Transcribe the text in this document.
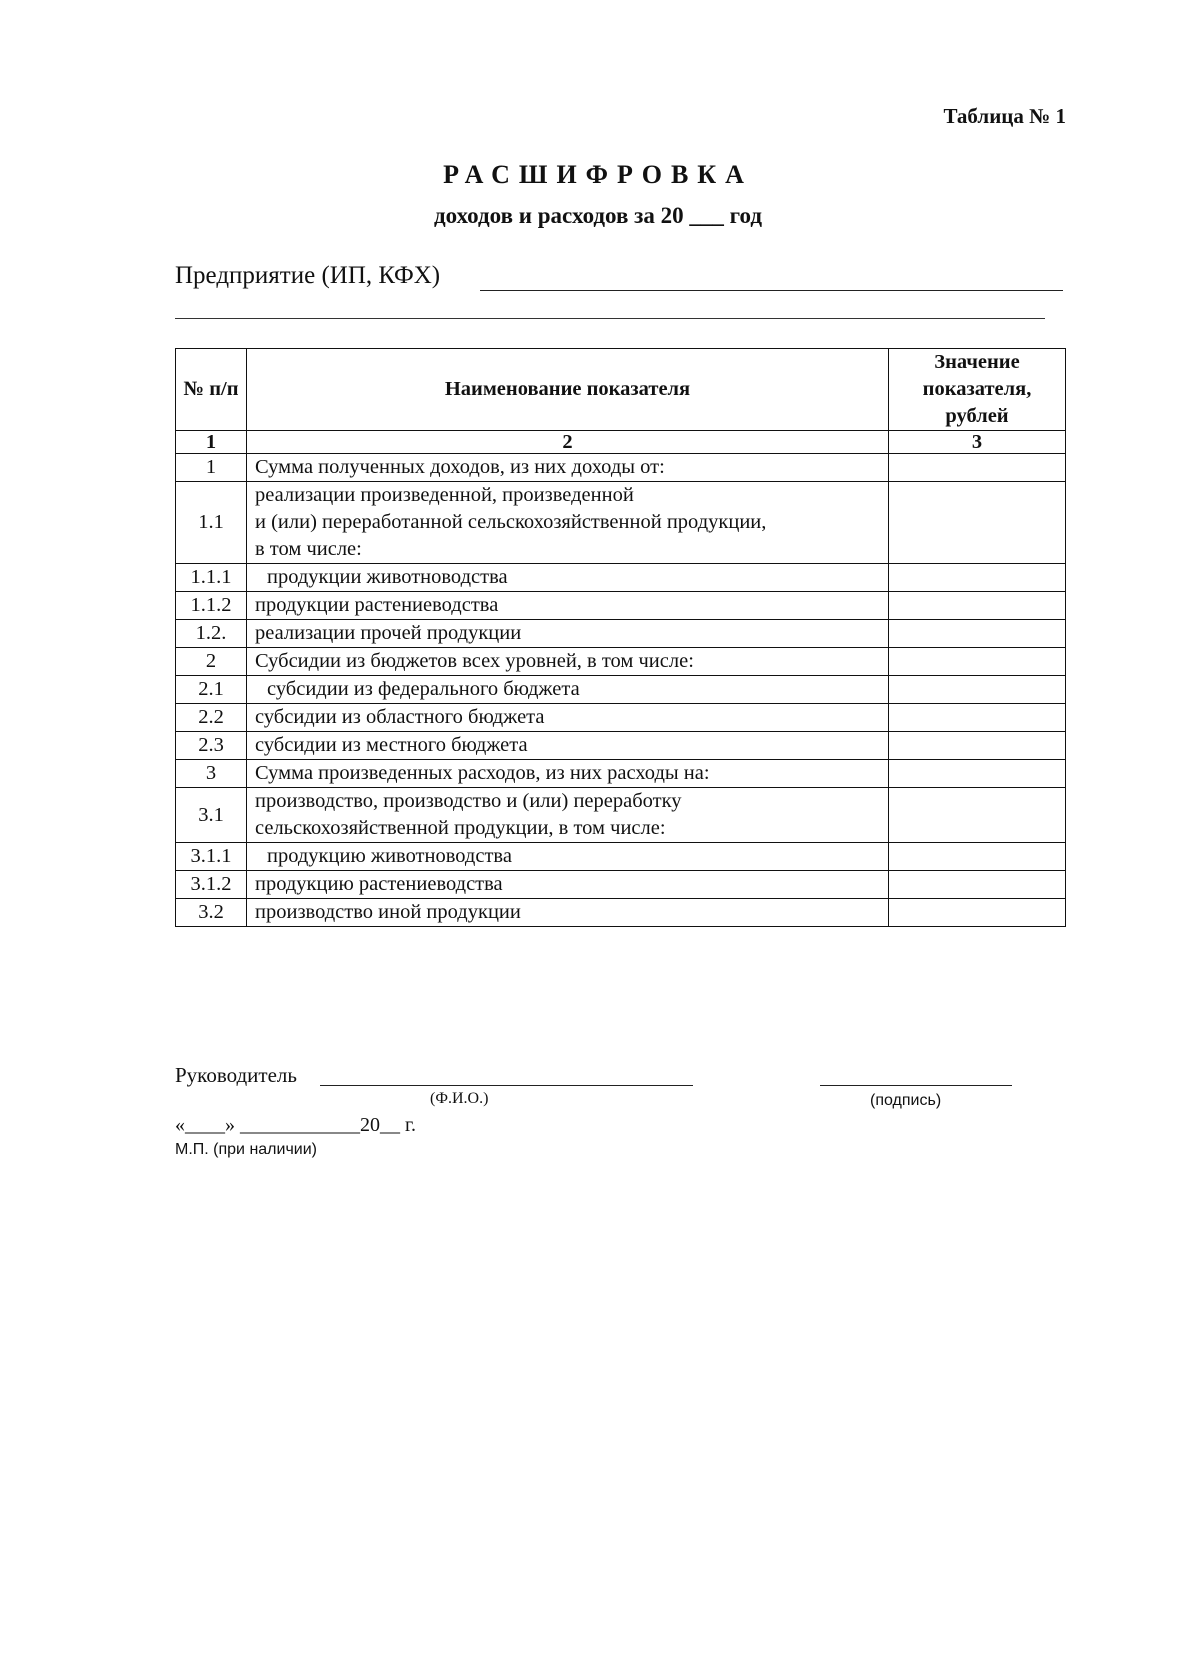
Таблица № 1
РАСШИФРОВКА
доходов и расходов за 20 ___ год
Предприятие (ИП, КФХ)
№ п/п	Наименование показателя	Значение показателя, рублей
1	2	3
1	Сумма полученных доходов, из них доходы от:	
1.1	реализации произведенной, произведенной
и (или) переработанной сельскохозяйственной продукции,
в том числе:	

1.1.1	продукции животноводства	
1.1.2	продукции растениеводства	
1.2.	реализации прочей продукции	
2	Субсидии из бюджетов всех уровней, в том числе:	
2.1	субсидии из федерального бюджета	
2.2	субсидии из областного бюджета	
2.3	субсидии из местного бюджета	
3	Сумма произведенных расходов, из них расходы на:	
3.1	производство, производство и (или) переработку
сельскохозяйственной продукции, в том числе:	

3.1.1	продукцию животноводства	
3.1.2	продукцию растениеводства	
3.2	производство иной продукции	
Руководитель
(Ф.И.О.)	(подпись)
«____» ____________20__ г.
М.П. (при наличии)
